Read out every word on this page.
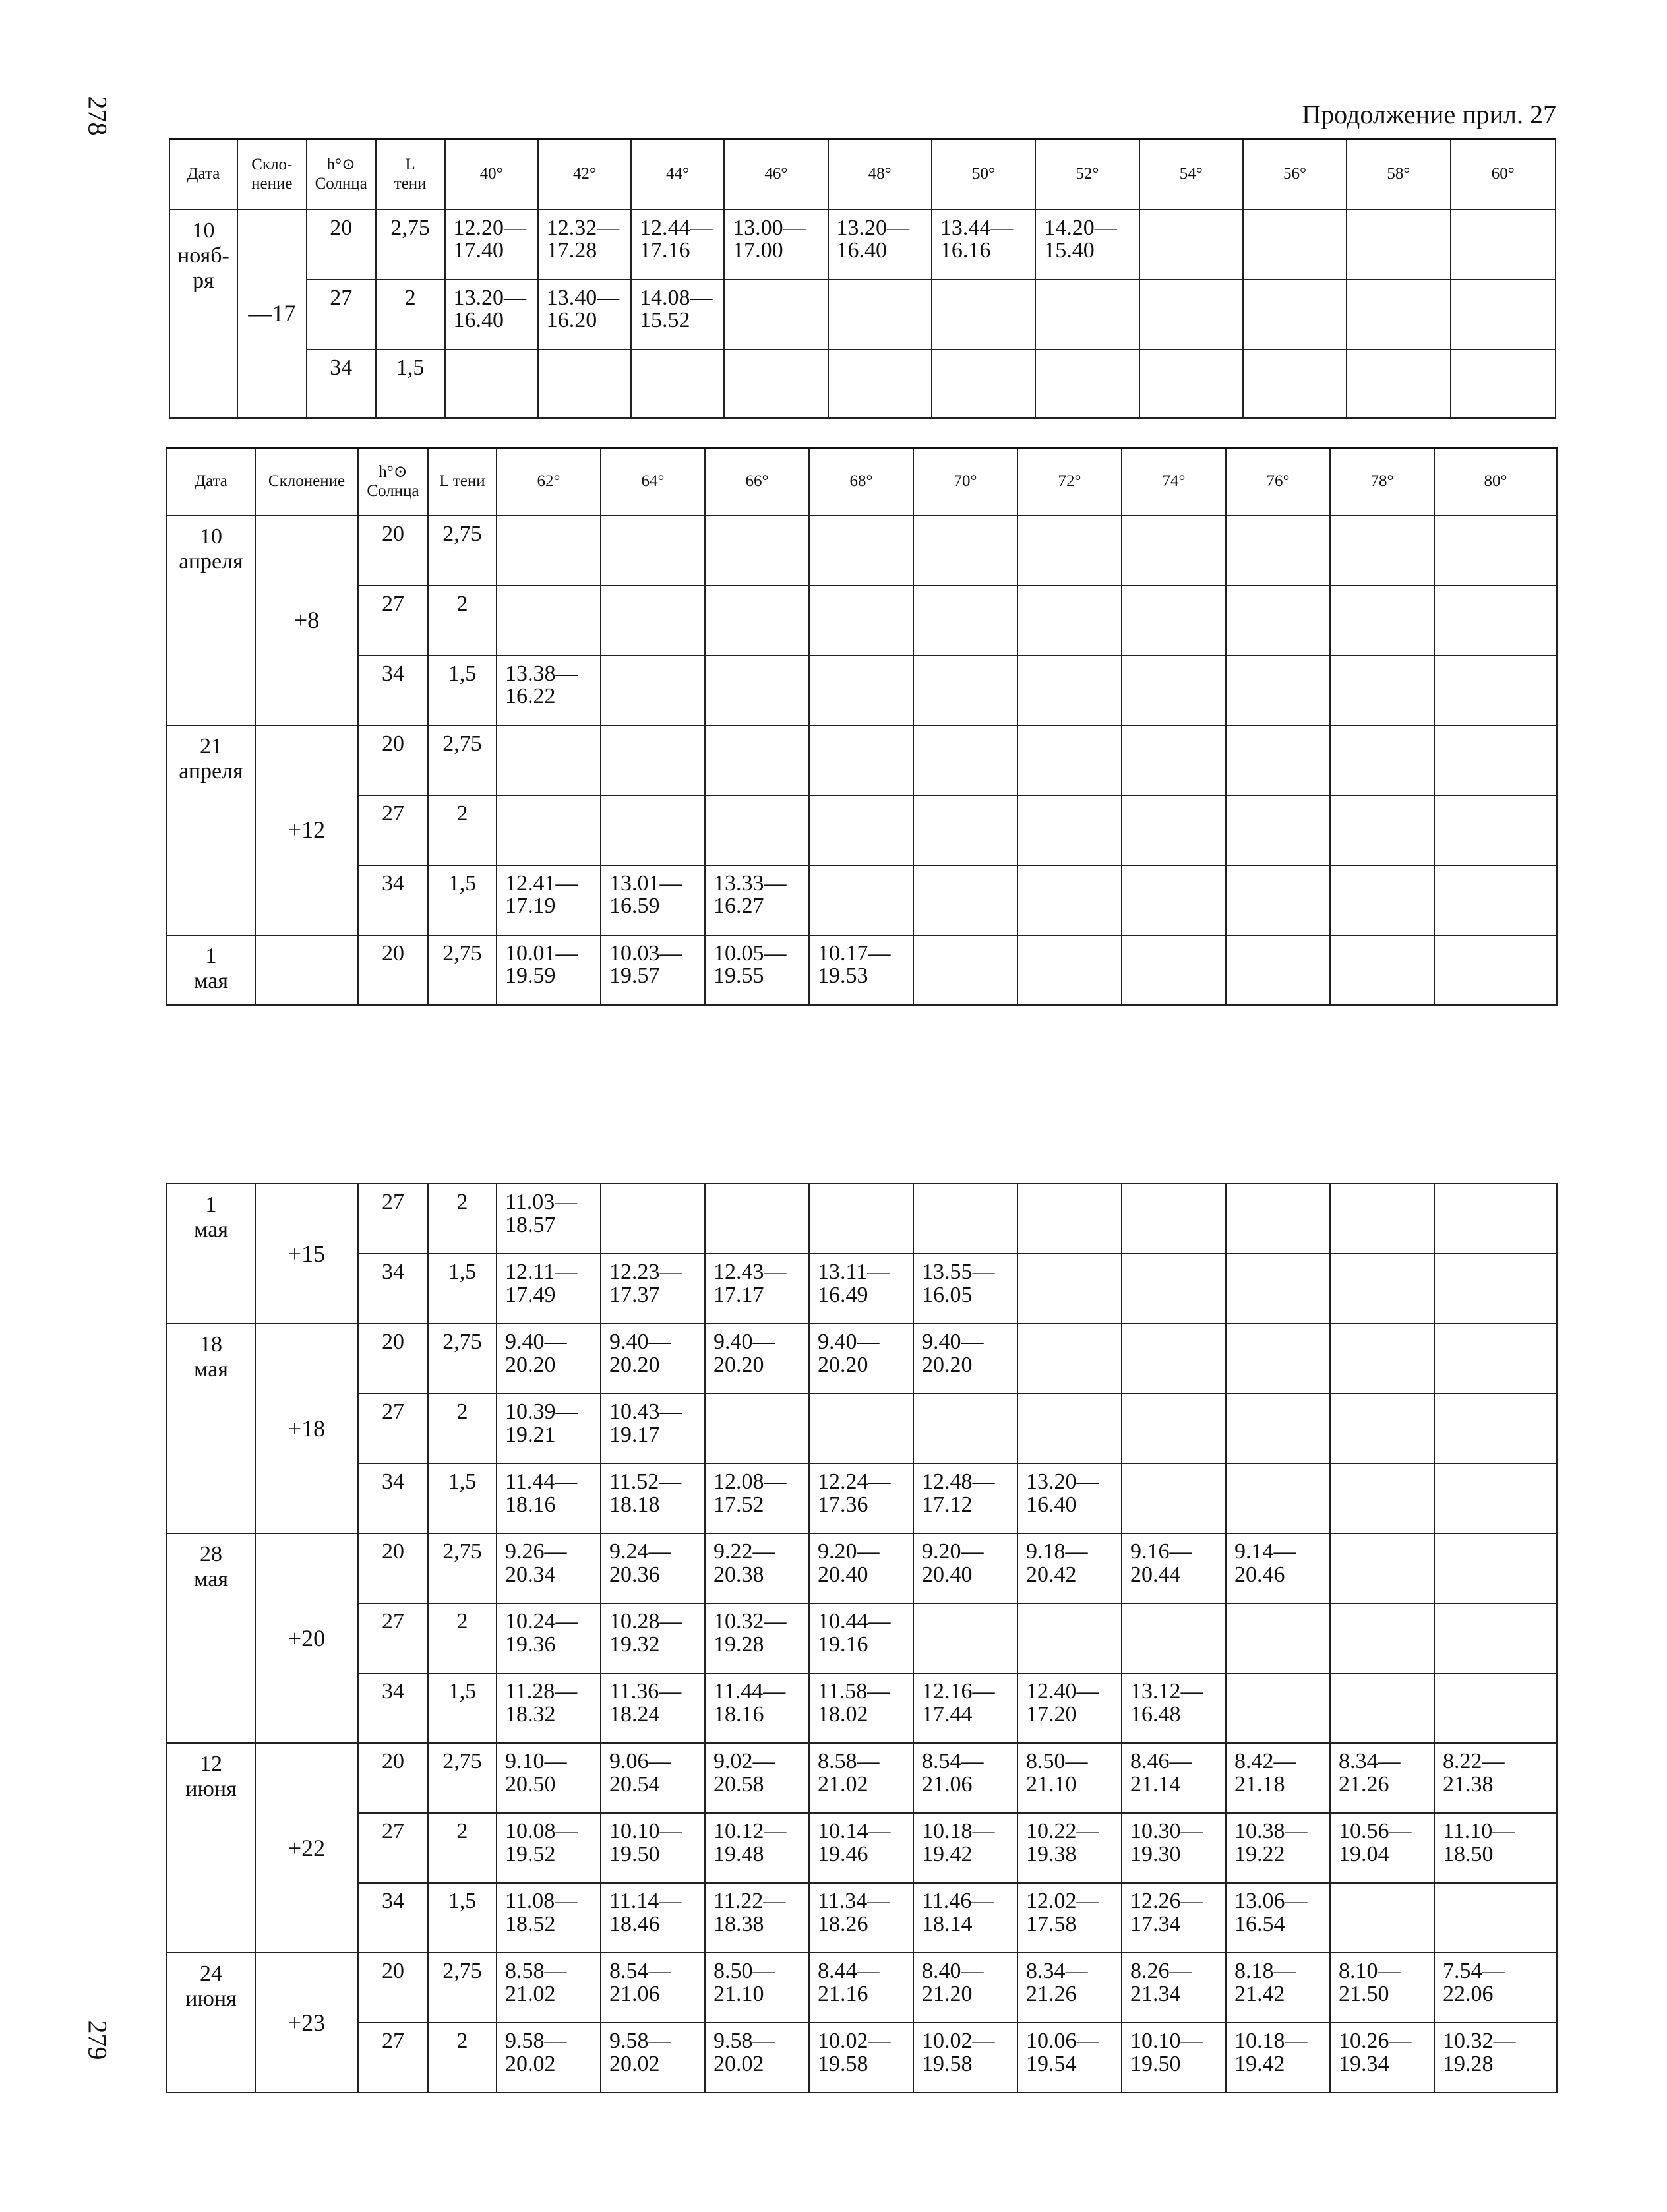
278
279
Продолжение прил. 27
Дата	Скло-
нение	h°⊙
Солнца	L
тени	40°	42°	44°	46°	48°	50°	52°	54°	56°	58°	60°
10
нояб-
ря	—17	20	2,75	12.20—
17.40	12.32—
17.28	12.44—
17.16	13.00—
17.00	13.20—
16.40	13.44—
16.16	14.20—
15.40				
		27	2	13.20—
16.40	13.40—
16.20	14.08—
15.52								
		34	1,5											
Дата	Склонение	h°⊙
Солнца	L тени	62°	64°	66°	68°	70°	72°	74°	76°	78°	80°
10
апреля	+8	20	2,75										
		27	2										
		34	1,5	13.38—
16.22									
21
апреля	+12	20	2,75										
		27	2										
		34	1,5	12.41—
17.19	13.01—
16.59	13.33—
16.27							
1
мая		20	2,75	10.01—
19.59	10.03—
19.57	10.05—
19.55	10.17—
19.53						
1
мая	+15	27	2	11.03—
18.57									
		34	1,5	12.11—
17.49	12.23—
17.37	12.43—
17.17	13.11—
16.49	13.55—
16.05					
18
мая	+18	20	2,75	9.40—
20.20	9.40—
20.20	9.40—
20.20	9.40—
20.20	9.40—
20.20					
		27	2	10.39—
19.21	10.43—
19.17								
		34	1,5	11.44—
18.16	11.52—
18.18	12.08—
17.52	12.24—
17.36	12.48—
17.12	13.20—
16.40				
28
мая	+20	20	2,75	9.26—
20.34	9.24—
20.36	9.22—
20.38	9.20—
20.40	9.20—
20.40	9.18—
20.42	9.16—
20.44	9.14—
20.46		
		27	2	10.24—
19.36	10.28—
19.32	10.32—
19.28	10.44—
19.16						
		34	1,5	11.28—
18.32	11.36—
18.24	11.44—
18.16	11.58—
18.02	12.16—
17.44	12.40—
17.20	13.12—
16.48			
12
июня	+22	20	2,75	9.10—
20.50	9.06—
20.54	9.02—
20.58	8.58—
21.02	8.54—
21.06	8.50—
21.10	8.46—
21.14	8.42—
21.18	8.34—
21.26	8.22—
21.38
		27	2	10.08—
19.52	10.10—
19.50	10.12—
19.48	10.14—
19.46	10.18—
19.42	10.22—
19.38	10.30—
19.30	10.38—
19.22	10.56—
19.04	11.10—
18.50
		34	1,5	11.08—
18.52	11.14—
18.46	11.22—
18.38	11.34—
18.26	11.46—
18.14	12.02—
17.58	12.26—
17.34	13.06—
16.54		
24
июня	+23	20	2,75	8.58—
21.02	8.54—
21.06	8.50—
21.10	8.44—
21.16	8.40—
21.20	8.34—
21.26	8.26—
21.34	8.18—
21.42	8.10—
21.50	7.54—
22.06
		27	2	9.58—
20.02	9.58—
20.02	9.58—
20.02	10.02—
19.58	10.02—
19.58	10.06—
19.54	10.10—
19.50	10.18—
19.42	10.26—
19.34	10.32—
19.28
